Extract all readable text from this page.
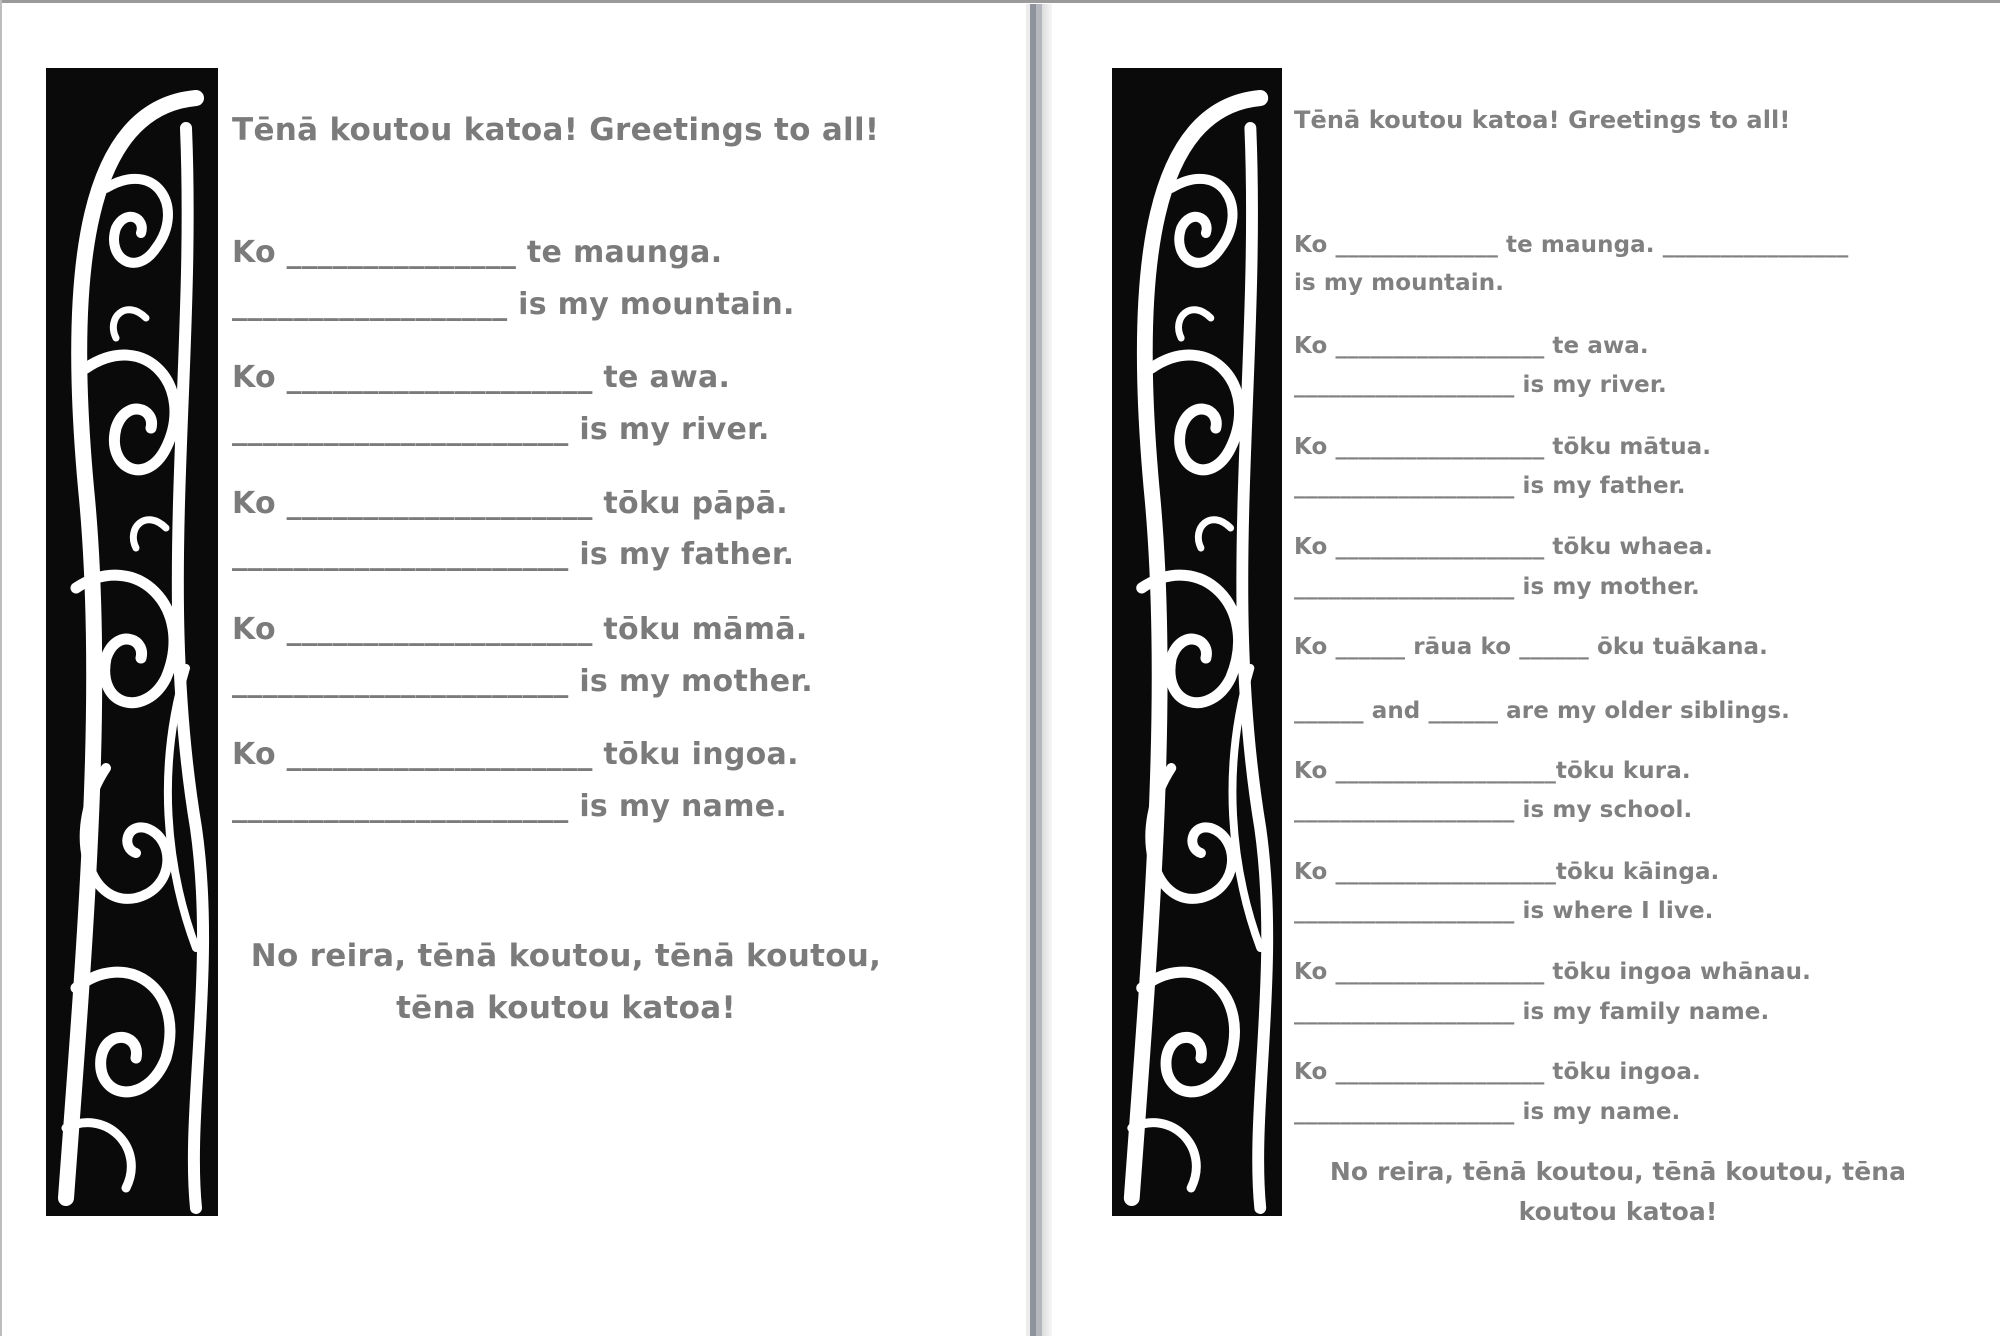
Tēnā koutou katoa! Greetings to all!

Ko _______________ te maunga.

__________________ is my mountain.

Ko ____________________ te awa.

______________________ is my river.

Ko ____________________ tōku pāpā.

______________________ is my father.

Ko ____________________ tōku māmā.

______________________ is my mother.

Ko ____________________ tōku ingoa.

______________________ is my name.

No reira, tēnā koutou, tēnā koutou, tēna koutou katoa!

Tēnā koutou katoa! Greetings to all!

Ko ______________ te maunga. ________________

is my mountain.

Ko __________________ te awa.

___________________ is my river.

Ko __________________ tōku mātua.

___________________ is my father.

Ko __________________ tōku whaea.

___________________ is my mother.

Ko ______ rāua ko ______ ōku tuākana.

______ and ______ are my older siblings.

Ko ___________________tōku kura.

___________________ is my school.

Ko ___________________tōku kāinga.

___________________ is where I live.

Ko __________________ tōku ingoa whānau.

___________________ is my family name.

Ko __________________ tōku ingoa.

___________________ is my name.

No reira, tēnā koutou, tēnā koutou, tēna koutou katoa!
